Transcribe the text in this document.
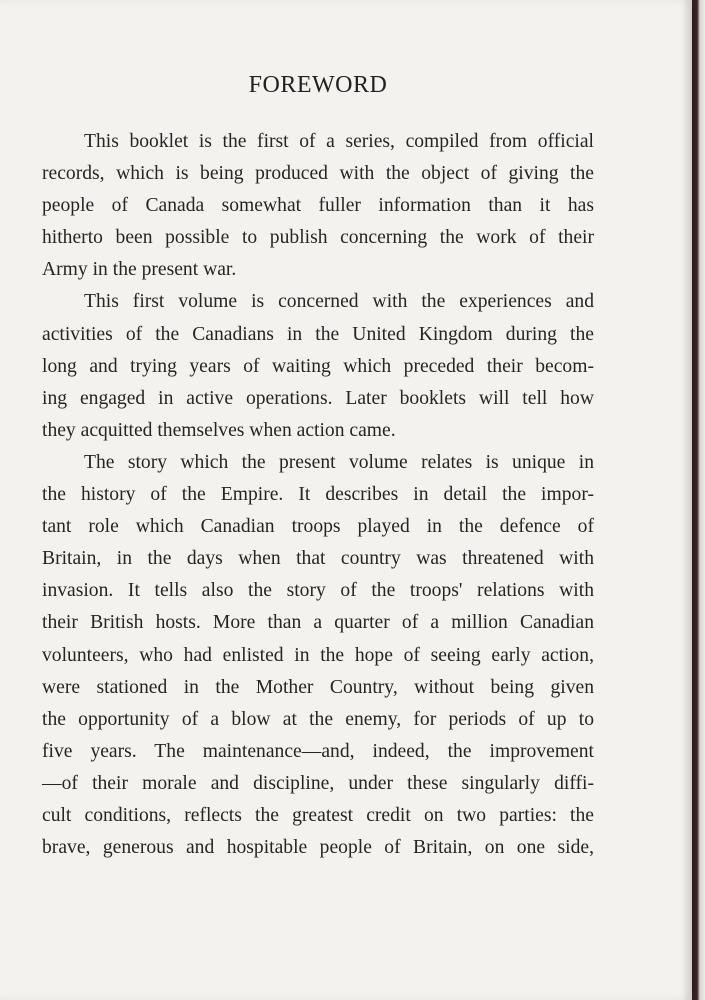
FOREWORD
This booklet is the first of a series, compiled from official
records, which is being produced with the object of giving the
people of Canada somewhat fuller information than it has
hitherto been possible to publish concerning the work of their
Army in the present war.
This first volume is concerned with the experiences and
activities of the Canadians in the United Kingdom during the
long and trying years of waiting which preceded their becom-
ing engaged in active operations. Later booklets will tell how
they acquitted themselves when action came.
The story which the present volume relates is unique in
the history of the Empire. It describes in detail the impor-
tant role which Canadian troops played in the defence of
Britain, in the days when that country was threatened with
invasion. It tells also the story of the troops' relations with
their British hosts. More than a quarter of a million Canadian
volunteers, who had enlisted in the hope of seeing early action,
were stationed in the Mother Country, without being given
the opportunity of a blow at the enemy, for periods of up to
five years. The maintenance—and, indeed, the improvement
—of their morale and discipline, under these singularly diffi-
cult conditions, reflects the greatest credit on two parties: the
brave, generous and hospitable people of Britain, on one side,
